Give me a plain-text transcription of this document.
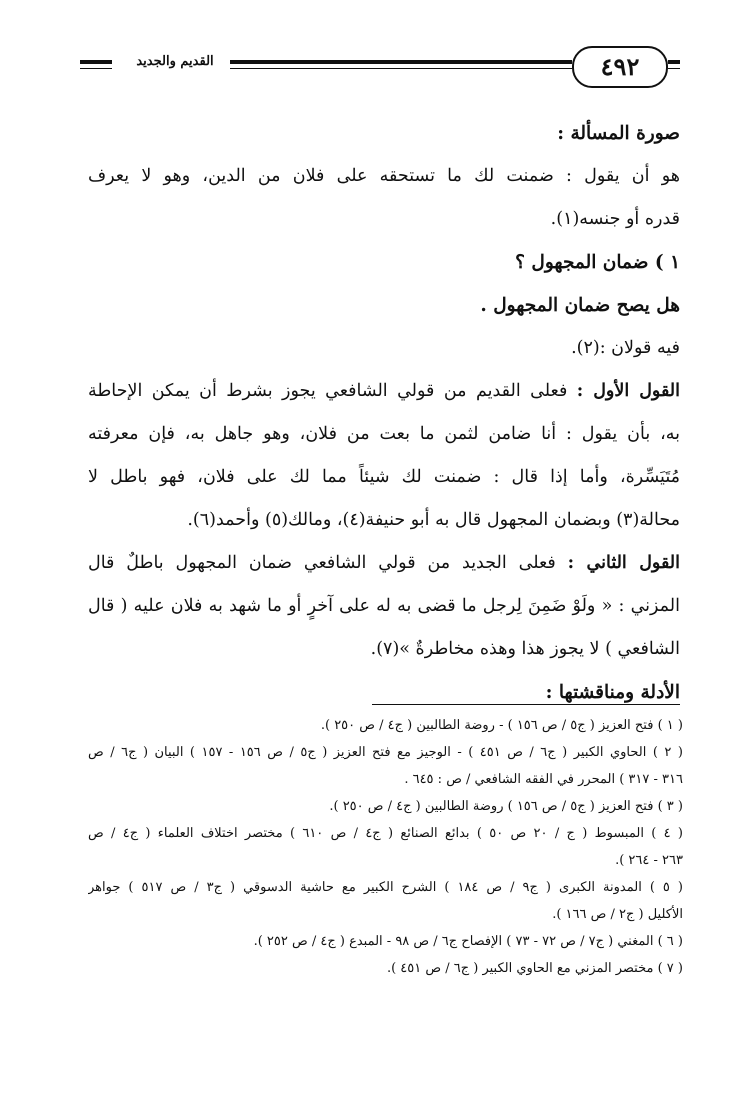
القديم والجديد	٤٩٢
صورة المسألة :
هو أن يقول : ضمنت لك ما تستحقه على فلان من الدين، وهو لا يعرف
قدره أو جنسه(١).
١ ) ضمان المجهول ؟
هل يصح ضمان المجهول .
فيه قولان :(٢).
القول الأول : فعلى القديم من قولي الشافعي يجوز بشرط أن يمكن الإحاطة
به، بأن يقول : أنا ضامن لثمن ما بعت من فلان، وهو جاهل به، فإن معرفته
مُتَيَسِّرة، وأما إذا قال : ضمنت لك شيئاً مما لك على فلان، فهو باطل لا
محالة(٣) وبضمان المجهول قال به أبو حنيفة(٤)، ومالك(٥) وأحمد(٦).
القول الثاني : فعلى الجديد من قولي الشافعي ضمان المجهول باطلٌ قال
المزني : « ولَوْ ضَمِنَ لِرجل ما قضى به له على آخرٍ أو ما شهد به فلان عليه ( قال
الشافعي ) لا يجوز هذا وهذه مخاطرةٌ »(٧).
الأدلة ومناقشتها :
( ١ ) فتح العزيز ( ج٥ / ص ١٥٦ ) - روضة الطالبين ( ج٤ / ص ٢٥٠ ).
( ٢ ) الحاوي الكبير ( ج٦ / ص ٤٥١ ) - الوجيز مع فتح العزيز ( ج٥ / ص ١٥٦ - ١٥٧ ) البيان ( ج٦ / ص
٣١٦ - ٣١٧ ) المحرر في الفقه الشافعي / ص : ٦٤٥ .
( ٣ ) فتح العزيز ( ج٥ / ص ١٥٦ ) روضة الطالبين ( ج٤ / ص ٢٥٠ ).
( ٤ ) المبسوط ( ج / ٢٠ ص ٥٠ ) بدائع الصنائع ( ج٤ / ص ٦١٠ ) مختصر اختلاف العلماء ( ج٤ / ص
٢٦٣ - ٢٦٤ ).
( ٥ ) المدونة الكبرى ( ج٩ / ص ١٨٤ ) الشرح الكبير مع حاشية الدسوقي ( ج٣ / ص ٥١٧ ) جواهر
الأكليل ( ج٢ / ص ١٦٦ ).
( ٦ ) المغني ( ج٧ / ص ٧٢ - ٧٣ ) الإفصاح ج٦ / ص ٩٨ - المبدع ( ج٤ / ص ٢٥٢ ).
( ٧ ) مختصر المزني مع الحاوي الكبير ( ج٦ / ص ٤٥١ ).
